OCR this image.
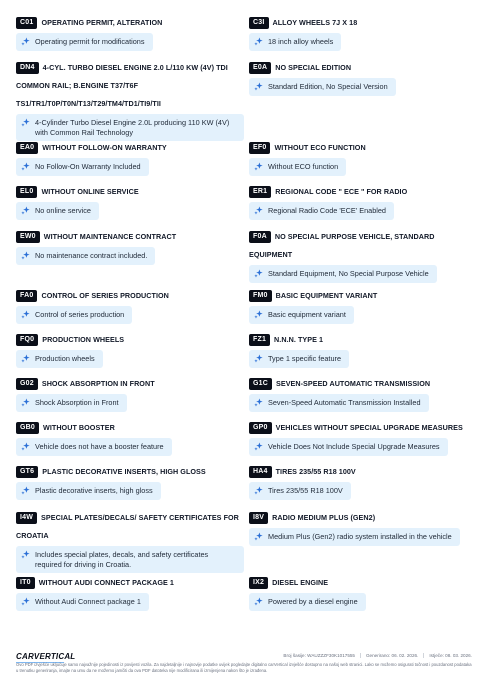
C01 OPERATING PERMIT, ALTERATION
Operating permit for modifications
DN4 4-CYL. TURBO DIESEL ENGINE 2.0 L/110 KW (4V) TDI COMMON RAIL; B.ENGINE T37/T6F TS1/TR1/T0P/T0N/T13/T29/TM4/TD1/TI9/TII
4-Cylinder Turbo Diesel Engine 2.0L producing 110 KW (4V) with Common Rail Technology
EA0 WITHOUT FOLLOW-ON WARRANTY
No Follow-On Warranty Included
EL0 WITHOUT ONLINE SERVICE
No online service
EW0 WITHOUT MAINTENANCE CONTRACT
No maintenance contract included.
FA0 CONTROL OF SERIES PRODUCTION
Control of series production
FQ0 PRODUCTION WHEELS
Production wheels
G02 SHOCK ABSORPTION IN FRONT
Shock Absorption in Front
GB0 WITHOUT BOOSTER
Vehicle does not have a booster feature
GT6 PLASTIC DECORATIVE INSERTS, HIGH GLOSS
Plastic decorative inserts, high gloss
I4W SPECIAL PLATES/DECALS/ SAFETY CERTIFICATES FOR CROATIA
Includes special plates, decals, and safety certificates required for driving in Croatia.
IT0 WITHOUT AUDI CONNECT PACKAGE 1
Without Audi Connect package 1
C3I ALLOY WHEELS 7J X 18
18 inch alloy wheels
E0A NO SPECIAL EDITION
Standard Edition, No Special Version
EF0 WITHOUT ECO FUNCTION
Without ECO function
ER1 REGIONAL CODE " ECE " FOR RADIO
Regional Radio Code 'ECE' Enabled
F0A NO SPECIAL PURPOSE VEHICLE, STANDARD EQUIPMENT
Standard Equipment, No Special Purpose Vehicle
FM0 BASIC EQUIPMENT VARIANT
Basic equipment variant
FZ1 N.N.N. TYPE 1
Type 1 specific feature
G1C SEVEN-SPEED AUTOMATIC TRANSMISSION
Seven-Speed Automatic Transmission Installed
GP0 VEHICLES WITHOUT SPECIAL UPGRADE MEASURES
Vehicle Does Not Include Special Upgrade Measures
HA4 TIRES 235/55 R18 100V
Tires 235/55 R18 100V
I8V RADIO MEDIUM PLUS (GEN2)
Medium Plus (Gen2) radio system installed in the vehicle
IX2 DIESEL ENGINE
Powered by a diesel engine
CARVERTICAL	Broj šasije: WAUZZZF30K1017555 Generirano: 06. 02. 2026. Istječe: 08. 03. 2026.
Ovo PDF izvješće uključuje samo najvažnije pojedinosti iz povijesti vozila. Za najdetaljnije i najnovije podatke uvijek pogledajte digitalno carVertical izvješće dostupno na našoj web stranici. Lako se možemo osigurati točnost i pouzdanost podataka u trenutku generiranja, imajte na umu da ne možemo jamčiti da ova PDF datoteka nije modificirana ili izmijenjena nakon što je izrađena.
